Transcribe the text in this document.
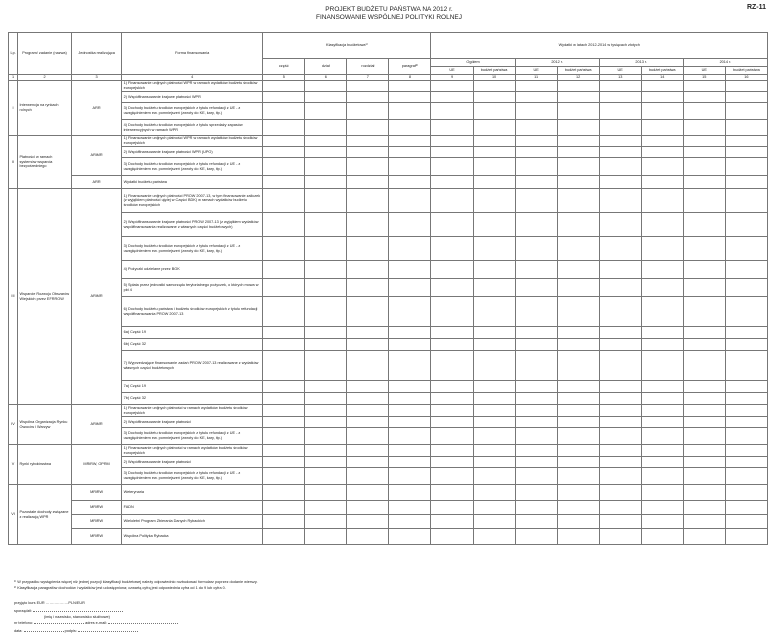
RZ-11
PROJEKT BUDŻETU PAŃSTWA NA 2012 r.
FINANSOWANIE WSPÓLNEJ POLITYKI ROLNEJ
Lp.	Program/ zadanie (nazwa)	Jednostka realizująca	Forma finansowania	Klasyfikacja budżetowa¹⁾				Wydatki w latach 2012-2014 w tysiącach złotych							
				część	dział	rozdział	paragraf²⁾	Ogółem		2012 r.		2013 r.		2014 r.	
								UE	budżet państwa	UE	budżet państwa	UE	budżet państwa	UE	budżet państwa
1	2	3	4	5	6	7	8	9	10	11	12	13	14	15	16
I	Interwencja na rynkach rolnych	ARR	1) Finansowanie unijnych płatności WPR w ramach wydatków budżetu środków europejskich												
			2) Współfinansowanie krajowe płatności WPR												
			3) Dochody budżetu środków europejskich z tytułu refundacji z UE - z uwzględnieniem ew. pomniejszeń (zwroty do KE, kary, itp.)												
			4) Dochody budżetu środków europejskich z tytułu sprzedaży zapasów interwencyjnych w ramach WPR												
II	Płatności w ramach systemów wsparcia bezpośredniego	ARiMR	1) Finansowanie unijnych płatności WPR w ramach wydatków budżetu środków europejskich												
			2) Współfinansowanie krajowe płatności WPR (UPO)												
			3) Dochody budżetu środków europejskich z tytułu refundacji z UE - z uwzględnieniem ew. pomniejszeń (zwroty do KE, kary, itp.)												
		ARR	Wydatki budżetu państwa												
III	Wsparcie Rozwoju Obszarów Wiejskich przez EFRROW	ARiMR	1) Finansowanie unijnych płatności PROW 2007-13, w tym finansowanie zaliczek (z wyjątkiem płatności ujętej w Części BDK) w ramach wydatków budżetu środków europejskich												
			2) Współfinansowanie krajowe płatności PROW 2007-13 (z wyjątkiem wydatków współfinansowania realizowane z własnych części budżetowych)												
			3) Dochody budżetu środków europejskich z tytułu refundacji z UE - z uwzględnieniem ew. pomniejszeń (zwroty do KE, kary, itp.)												
			4) Pożyczki udzielane przez BGK												
			5) Spłata przez jednostki samorządu terytorialnego pożyczek, o których mowa w pkt 4												
			6) Dochody budżetu państwa i budżetu środków europejskich z tytułu refundacji współfinansowania PROW 2007-13												
			6a) Część 19												
			6b) Część 32												
			7) Wyprzedzające finansowanie zadań PROW 2007-13 realizowane z wydatków własnych części budżetowych												
			7a) Część 19												
			7b) Część 32												
IV	Wspólna Organizacja Rynku Owoców i Warzyw	ARiMR	1) Finansowanie unijnych płatności w ramach wydatków budżetu środków europejskich												
			2) Współfinansowanie krajowe płatności												
			3) Dochody budżetu środków europejskich z tytułu refundacji z UE - z uwzględnieniem ew. pomniejszeń (zwroty do KE, kary, itp.)												
V	Rynki rybołówstwa	MRiRW, OPRM	1) Finansowanie unijnych płatności w ramach wydatków budżetu środków europejskich												
			2) Współfinansowanie krajowe płatności												
			3) Dochody budżetu środków europejskich z tytułu refundacji z UE - z uwzględnieniem ew. pomniejszeń (zwroty do KE, kary, itp.)												
VI	Pozostałe dochody związane z realizacją WPR	MRiRW	Weterynaria												
		MRiRW	FADN												
		MRiRW	Wieloletni Program Zbierania Danych Rybackich												
		MRiRW	Wspólna Polityka Rybacka												
¹⁾ W przypadku wystąpienia więcej niż jednej pozycji klasyfikacji budżetowej należy odpowiednio rozbudować formularz poprzez dodanie wierszy.
²⁾ Klasyfikacja paragrafów dochodów i wydatków jest udostępniona; czwartą cyfrą jest odpowiednia cyfra od 1 do 9 lub cyfra 0.
przyjęto kurs EUR ………………PLN/EUR
sporządził:
(imię i nazwisko, stanowisko służbowe)
nr telefonu:	adres e-mail:
data:	podpis:
